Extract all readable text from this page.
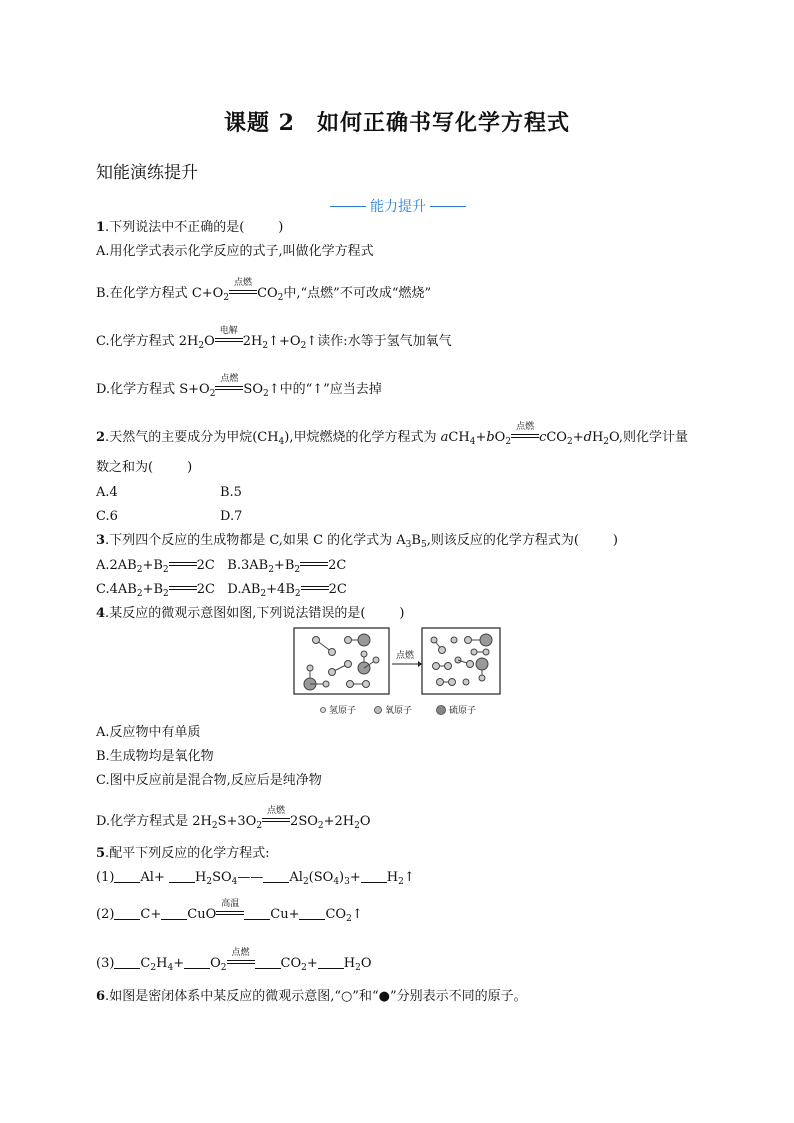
课题 2 如何正确书写化学方程式
知能演练提升
能力提升
1.下列说法中不正确的是(	)
A.用化学式表示化学反应的式子,叫做化学方程式
B.在化学方程式 $C+O_2$
点燃
$CO_2$中,“点燃”不可改成“燃烧”
C.化学方程式 $2H_2O$
电解
$2H_2↑+O_2↑$读作:水等于氢气加氧气
D.化学方程式 $S+O_2$
点燃
$SO_2↑$中的“↑”应当去掉
2.天然气的主要成分为甲烷$(CH_4)$,甲烷燃烧的化学方程式为 $aCH_4+bO_2$
点燃
$cCO_2+dH_2O$,则化学计量
数之和为(	)
A.4	B.5
C.6	D.7
3.下列四个反应的生成物都是 C,如果 C 的化学式为 $A_3B_5$,则该反应的化学方程式为(	)
$A.2AB_2+B_2$ 2C   $B.3AB_2+B_2$ 2C
$C.4AB_2+B_2$ 2C   $D.AB_2+4B_2$ 2C
4.某反应的微观示意图如图,下列说法错误的是(	)
点燃
氢原子	氧原子	硫原子
A.反应物中有单质
B.生成物均是氧化物
C.图中反应前是混合物,反应后是纯净物
D.化学方程式是 $2H_2S+3O_2$
点燃
$2SO_2+2H_2O$
5.配平下列反应的化学方程式:
(1) $Al+ H_2SO_4——$ $Al_2(SO_4)_3+$ $H_2↑$
(2) C+ CuO
高温
$Cu+ CO_2↑$
(3) $C_2H_4+ O_2$
点燃
$CO_2+ H_2O$
6.如图是密闭体系中某反应的微观示意图,“○”和“●”分别表示不同的原子。
